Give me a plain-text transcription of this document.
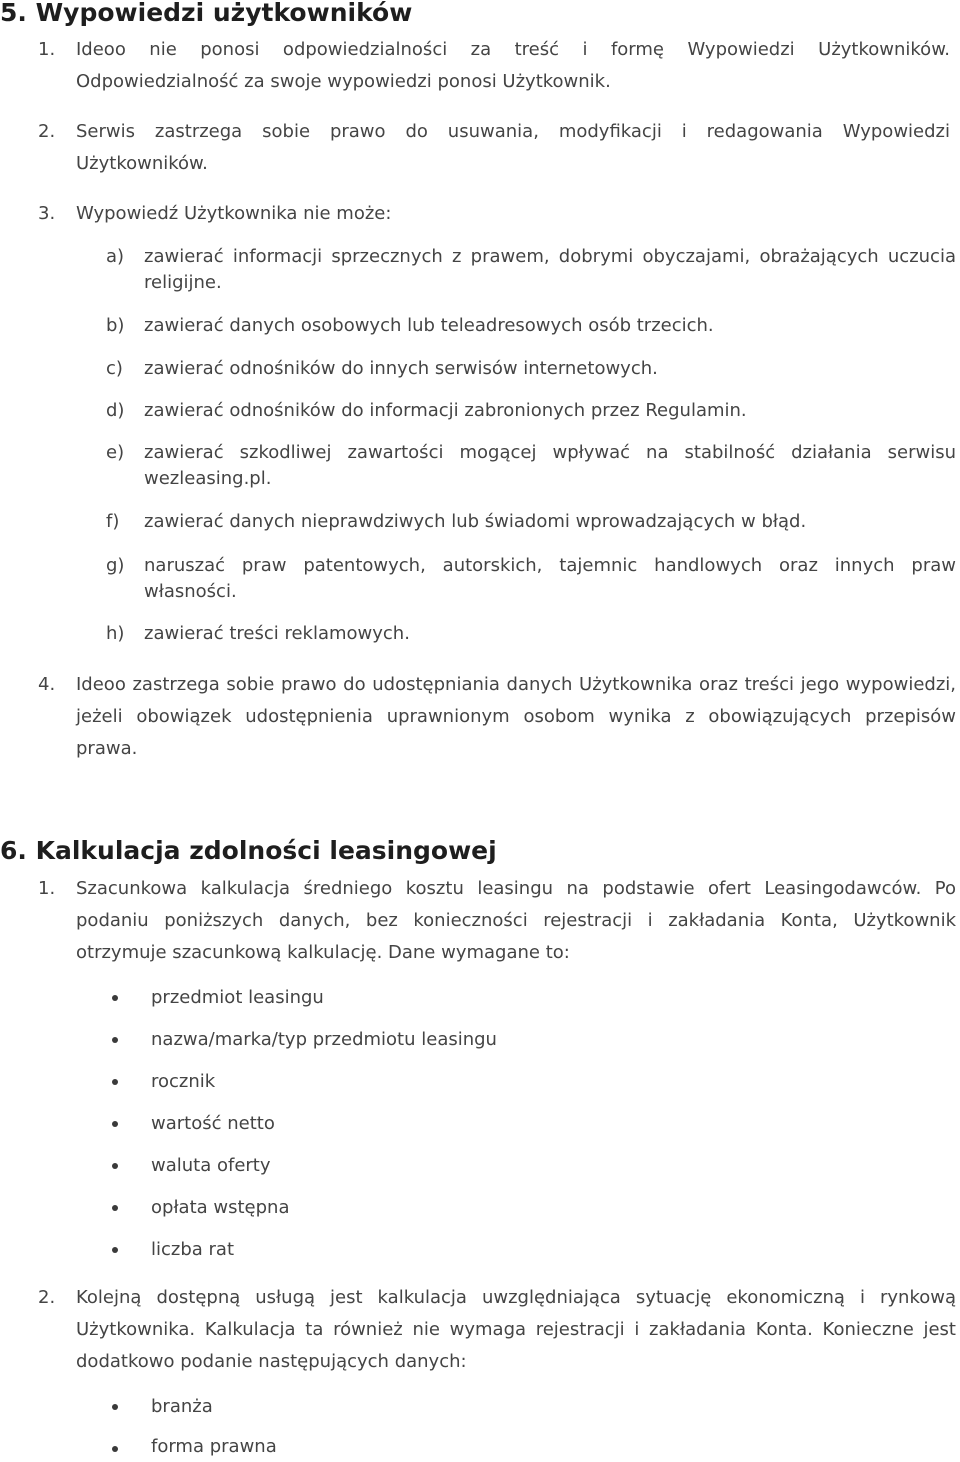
5. Wypowiedzi użytkowników
1.	Ideoo nie ponosi odpowiedzialności za treść i formę Wypowiedzi Użytkowników. Odpowiedzialność za swoje wypowiedzi ponosi Użytkownik.
2.	Serwis zastrzega sobie prawo do usuwania, modyfikacji i redagowania Wypowiedzi Użytkowników.
3.	Wypowiedź Użytkownika nie może:
a)	zawierać informacji sprzecznych z prawem, dobrymi obyczajami, obrażających uczucia religijne.
b)	zawierać danych osobowych lub teleadresowych osób trzecich.
c)	zawierać odnośników do innych serwisów internetowych.
d)	zawierać odnośników do informacji zabronionych przez Regulamin.
e)	zawierać szkodliwej zawartości mogącej wpływać na stabilność działania serwisu wezleasing.pl.
f)	zawierać danych nieprawdziwych lub świadomi wprowadzających w błąd.
g)	naruszać praw patentowych, autorskich, tajemnic handlowych oraz innych praw własności.
h)	zawierać treści reklamowych.
4.	Ideoo zastrzega sobie prawo do udostępniania danych Użytkownika oraz treści jego wypowiedzi, jeżeli obowiązek udostępnienia uprawnionym osobom wynika z obowiązujących przepisów prawa.
6. Kalkulacja zdolności leasingowej
1.	Szacunkowa kalkulacja średniego kosztu leasingu na podstawie ofert Leasingodawców. Po podaniu poniższych danych, bez konieczności rejestracji i zakładania Konta, Użytkownik otrzymuje szacunkową kalkulację. Dane wymagane to:
przedmiot leasingu
nazwa/marka/typ przedmiotu leasingu
rocznik
wartość netto
waluta oferty
opłata wstępna
liczba rat
2.	Kolejną dostępną usługą jest kalkulacja uwzględniająca sytuację ekonomiczną i rynkową Użytkownika. Kalkulacja ta również nie wymaga rejestracji i zakładania Konta. Konieczne jest dodatkowo podanie następujących danych:
branża
forma prawna
